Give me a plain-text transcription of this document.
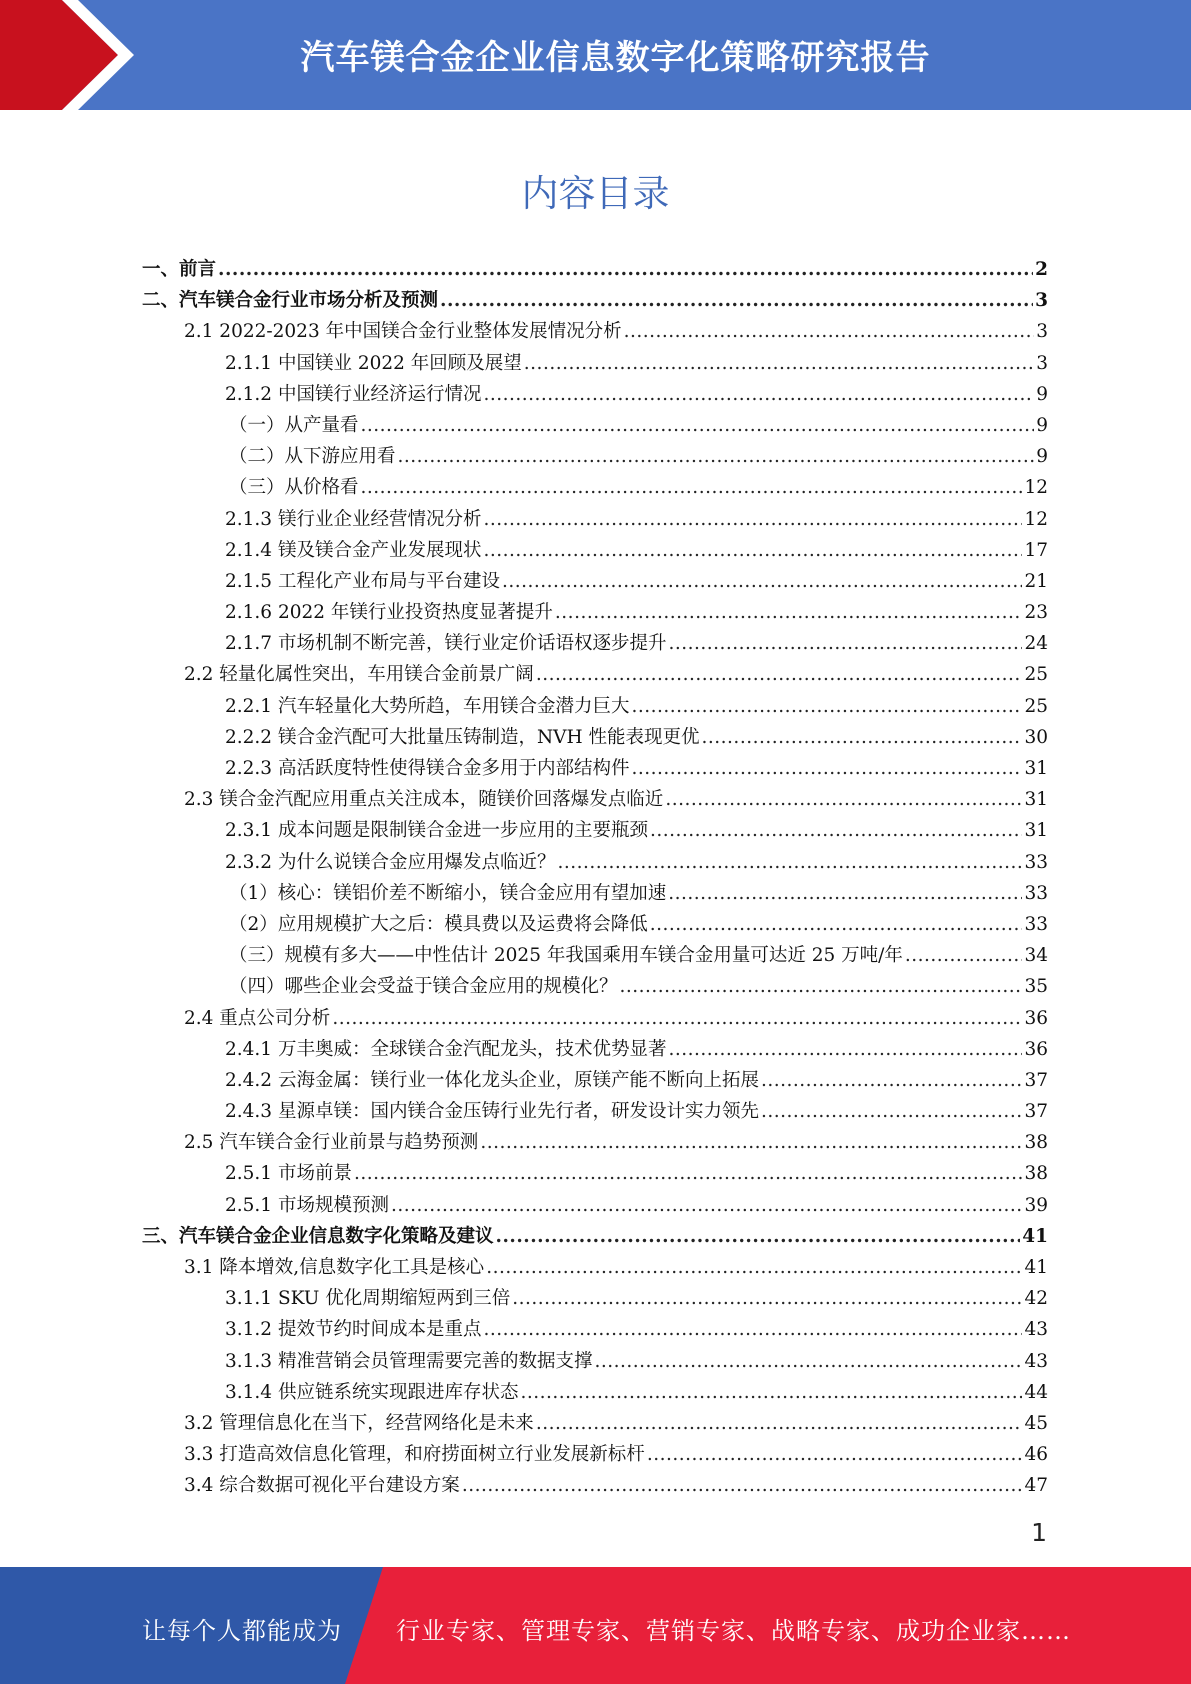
汽车镁合金企业信息数字化策略研究报告
内容目录
一、前言 .....	2
二、汽车镁合金行业市场分析及预测 .....	3
2.1 2022-2023 年中国镁合金行业整体发展情况分析 .....	3
2.1.1 中国镁业 2022 年回顾及展望 .....	3
2.1.2 中国镁行业经济运行情况 .....	9
（一）从产量看 .....	9
（二）从下游应用看 .....	9
（三）从价格看 .....	12
2.1.3 镁行业企业经营情况分析 .....	12
2.1.4 镁及镁合金产业发展现状 .....	17
2.1.5 工程化产业布局与平台建设 .....	21
2.1.6 2022 年镁行业投资热度显著提升 .....	23
2.1.7 市场机制不断完善，镁行业定价话语权逐步提升 .....	24
2.2 轻量化属性突出，车用镁合金前景广阔 .....	25
2.2.1 汽车轻量化大势所趋，车用镁合金潜力巨大 .....	25
2.2.2 镁合金汽配可大批量压铸制造，NVH 性能表现更优 .....	30
2.2.3 高活跃度特性使得镁合金多用于内部结构件 .....	31
2.3 镁合金汽配应用重点关注成本，随镁价回落爆发点临近 .....	31
2.3.1 成本问题是限制镁合金进一步应用的主要瓶颈 .....	31
2.3.2 为什么说镁合金应用爆发点临近？ .....	33
（1）核心：镁铝价差不断缩小，镁合金应用有望加速 .....	33
（2）应用规模扩大之后：模具费以及运费将会降低 .....	33
（三）规模有多大——中性估计 2025 年我国乘用车镁合金用量可达近 25 万吨/年 .....	34
（四）哪些企业会受益于镁合金应用的规模化？ .....	35
2.4 重点公司分析 .....	36
2.4.1 万丰奥威：全球镁合金汽配龙头，技术优势显著 .....	36
2.4.2 云海金属：镁行业一体化龙头企业，原镁产能不断向上拓展 .....	37
2.4.3 星源卓镁：国内镁合金压铸行业先行者，研发设计实力领先 .....	37
2.5 汽车镁合金行业前景与趋势预测 .....	38
2.5.1 市场前景 .....	38
2.5.1 市场规模预测 .....	39
三、汽车镁合金企业信息数字化策略及建议 .....	41
3.1 降本增效,信息数字化工具是核心 .....	41
3.1.1 SKU 优化周期缩短两到三倍 .....	42
3.1.2 提效节约时间成本是重点 .....	43
3.1.3 精准营销会员管理需要完善的数据支撑 .....	43
3.1.4 供应链系统实现跟进库存状态 .....	44
3.2 管理信息化在当下，经营网络化是未来 .....	45
3.3 打造高效信息化管理，和府捞面树立行业发展新标杆 .....	46
3.4 综合数据可视化平台建设方案 .....	47
1
让每个人都能成为 行业专家、管理专家、营销专家、战略专家、成功企业家……
